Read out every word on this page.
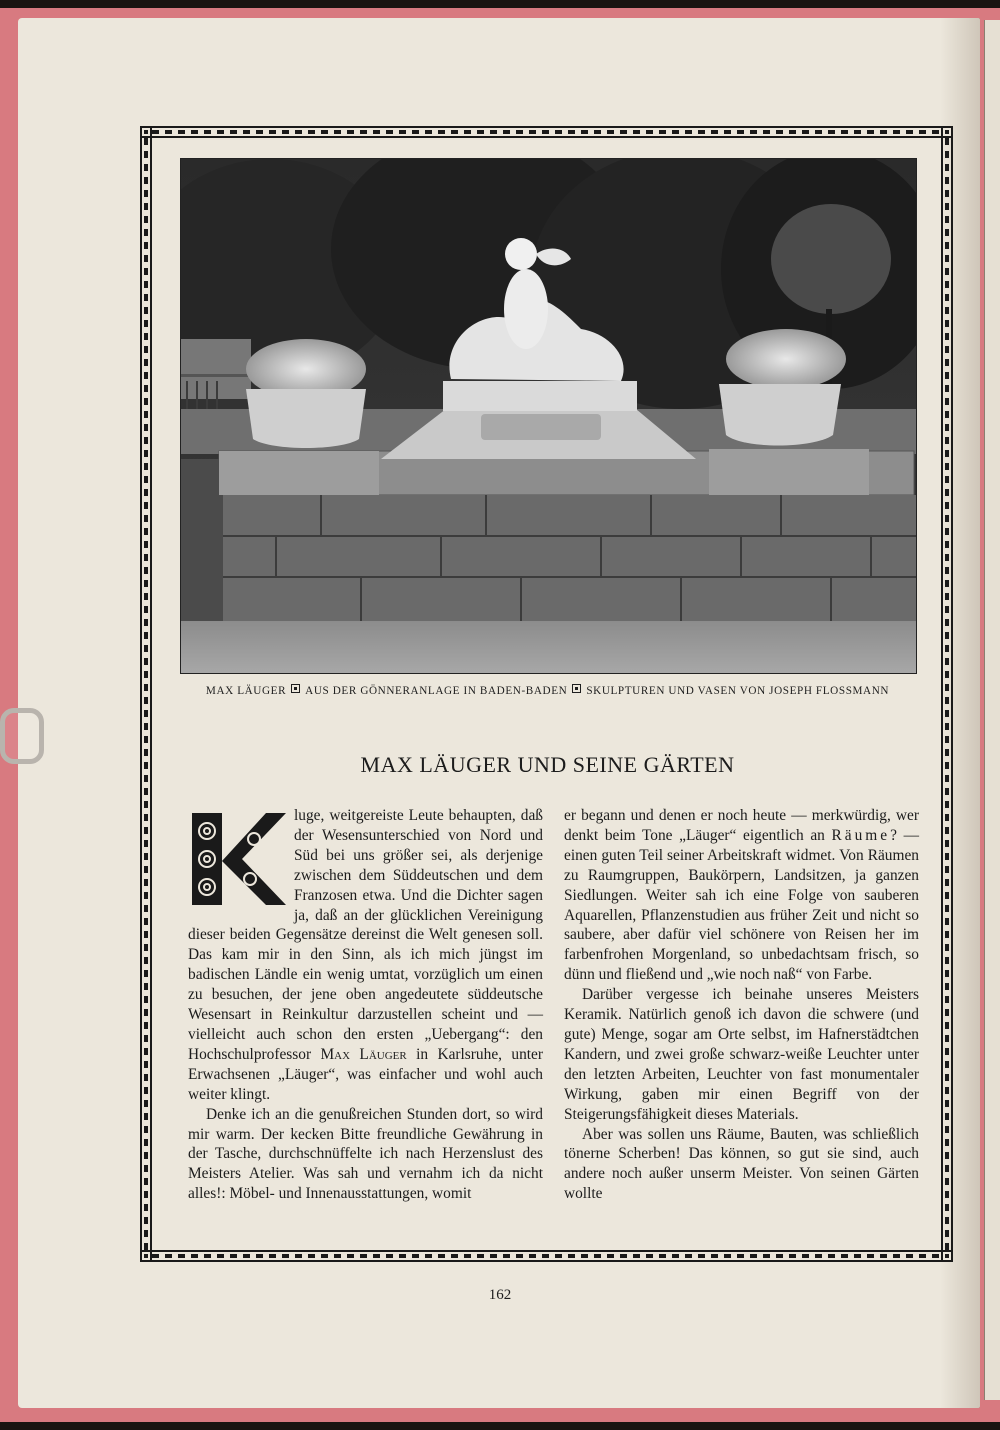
MAX LÄUGER AUS DER GÖNNERANLAGE IN BADEN-BADEN SKULPTUREN UND VASEN VON JOSEPH FLOSSMANN
MAX LÄUGER UND SEINE GÄRTEN

luge, weitgereiste Leute behaupten, daß der Wesensunterschied von Nord und Süd bei uns größer sei, als derjenige zwischen dem Süddeutschen und dem Franzosen etwa. Und die Dichter sagen ja, daß an der glücklichen Vereinigung dieser beiden Gegensätze dereinst die Welt genesen soll. Das kam mir in den Sinn, als ich mich jüngst im badischen Ländle ein wenig umtat, vorzüglich um einen zu besuchen, der jene oben angedeutete süddeutsche Wesensart in Reinkultur darzustellen scheint und — vielleicht auch schon den ersten „Uebergang“: den Hochschulprofessor Max Läuger in Karlsruhe, unter Erwachsenen „Läuger“, was einfacher und wohl auch weiter klingt.

Denke ich an die genußreichen Stunden dort, so wird mir warm. Der kecken Bitte freundliche Gewährung in der Tasche, durchschnüffelte ich nach Herzenslust des Meisters Atelier. Was sah und vernahm ich da nicht alles!: Möbel- und Innenausstattungen, womit

er begann und denen er noch heute — merkwürdig, wer denkt beim Tone „Läuger“ eigentlich an Räume? — einen guten Teil seiner Arbeitskraft widmet. Von Räumen zu Raumgruppen, Baukörpern, Landsitzen, ja ganzen Siedlungen. Weiter sah ich eine Folge von sauberen Aquarellen, Pflanzenstudien aus früher Zeit und nicht so saubere, aber dafür viel schönere von Reisen her im farbenfrohen Morgenland, so unbedachtsam frisch, so dünn und fließend und „wie noch naß“ von Farbe.

Darüber vergesse ich beinahe unseres Meisters Keramik. Natürlich genoß ich davon die schwere (und gute) Menge, sogar am Orte selbst, im Hafnerstädtchen Kandern, und zwei große schwarz-weiße Leuchter unter den letzten Arbeiten, Leuchter von fast monumentaler Wirkung, gaben mir einen Begriff von der Steigerungsfähigkeit dieses Materials.

Aber was sollen uns Räume, Bauten, was schließlich tönerne Scherben! Das können, so gut sie sind, auch andere noch außer unserm Meister. Von seinen Gärten wollte

162
